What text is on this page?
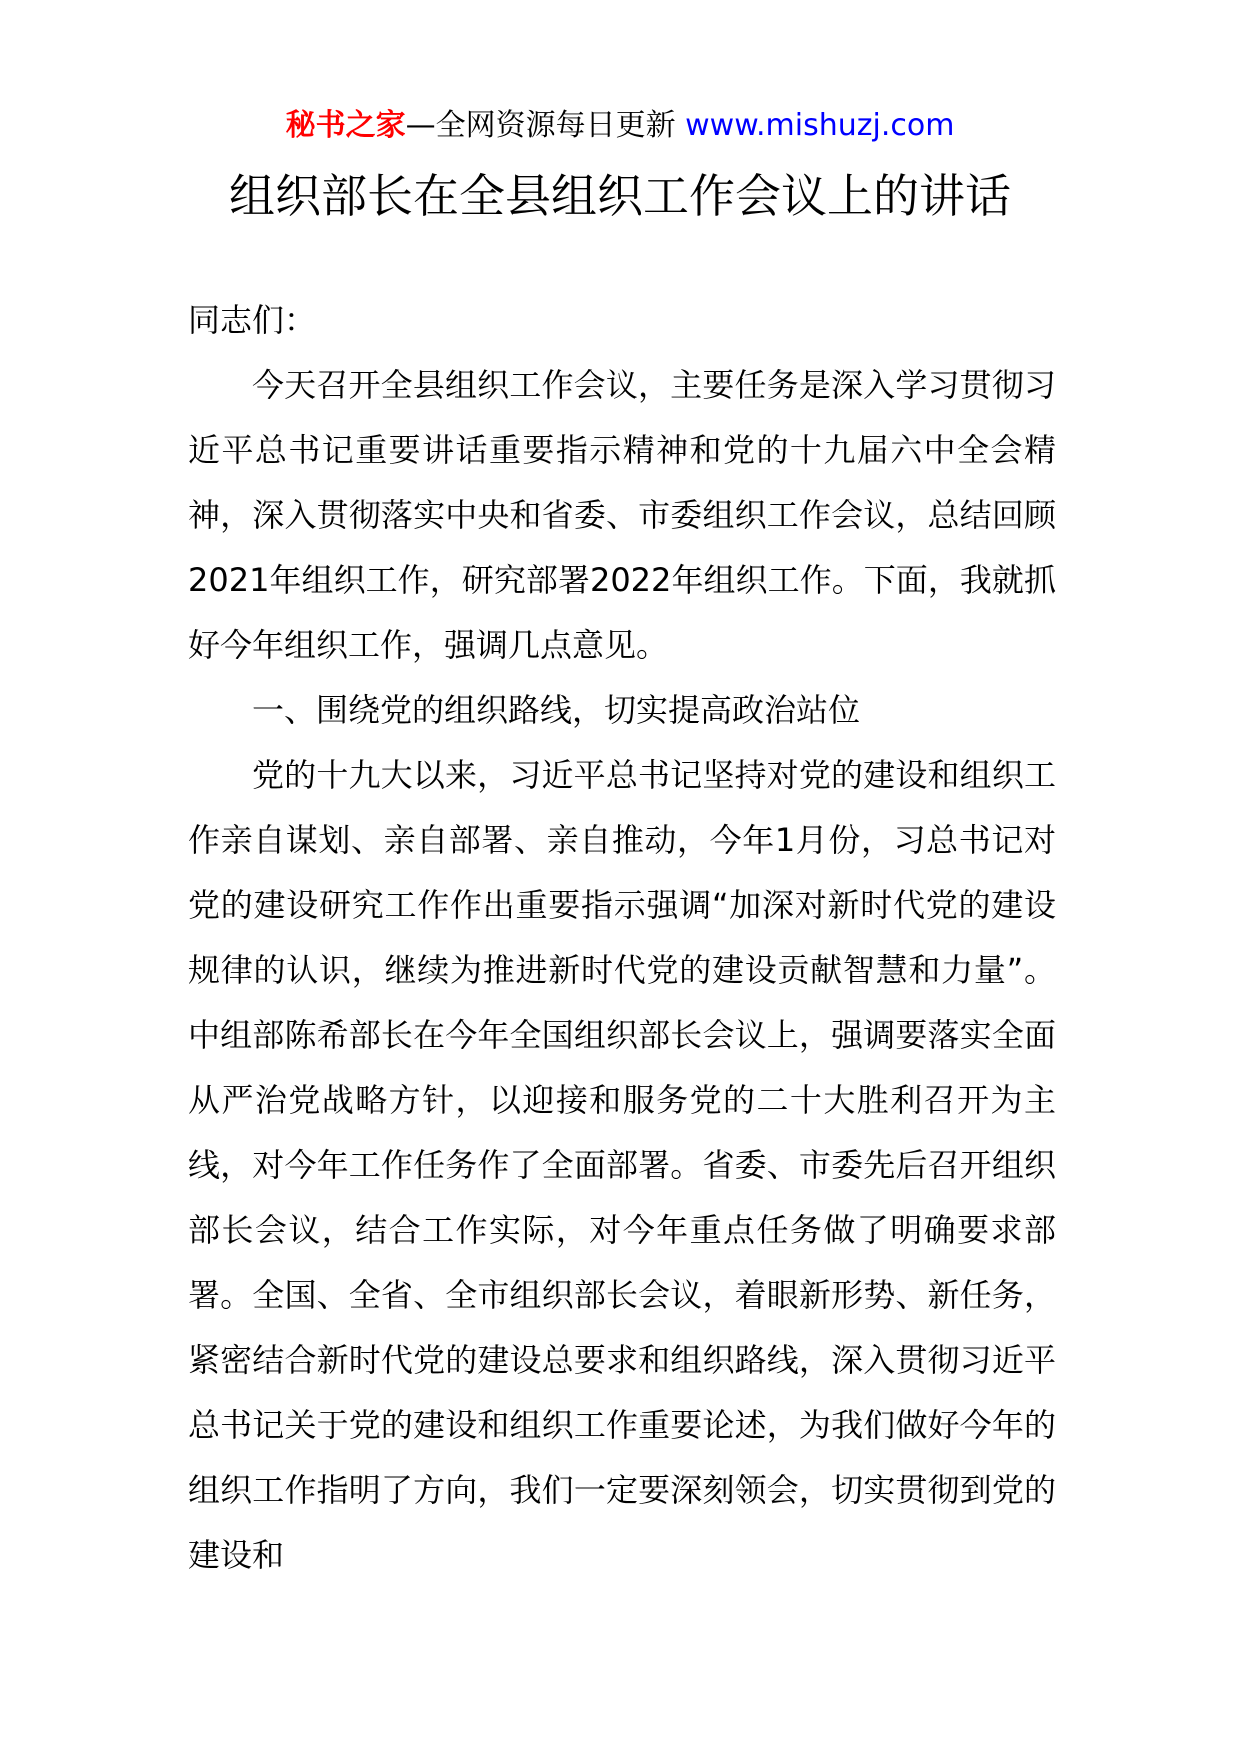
秘书之家—全网资源每日更新 www.mishuzj.com
组织部长在全县组织工作会议上的讲话

同志们：

今天召开全县组织工作会议，主要任务是深入学习贯彻习近平总书记重要讲话重要指示精神和党的十九届六中全会精神，深入贯彻落实中央和省委、市委组织工作会议，总结回顾2021年组织工作，研究部署2022年组织工作。下面，我就抓好今年组织工作，强调几点意见。

一、围绕党的组织路线，切实提高政治站位

党的十九大以来，习近平总书记坚持对党的建设和组织工作亲自谋划、亲自部署、亲自推动，今年1月份，习总书记对党的建设研究工作作出重要指示强调“加深对新时代党的建设规律的认识，继续为推进新时代党的建设贡献智慧和力量”。中组部陈希部长在今年全国组织部长会议上，强调要落实全面从严治党战略方针，以迎接和服务党的二十大胜利召开为主线，对今年工作任务作了全面部署。省委、市委先后召开组织部长会议，结合工作实际，对今年重点任务做了明确要求部署。全国、全省、全市组织部长会议，着眼新形势、新任务，紧密结合新时代党的建设总要求和组织路线，深入贯彻习近平总书记关于党的建设和组织工作重要论述，为我们做好今年的组织工作指明了方向，我们一定要深刻领会，切实贯彻到党的建设和
